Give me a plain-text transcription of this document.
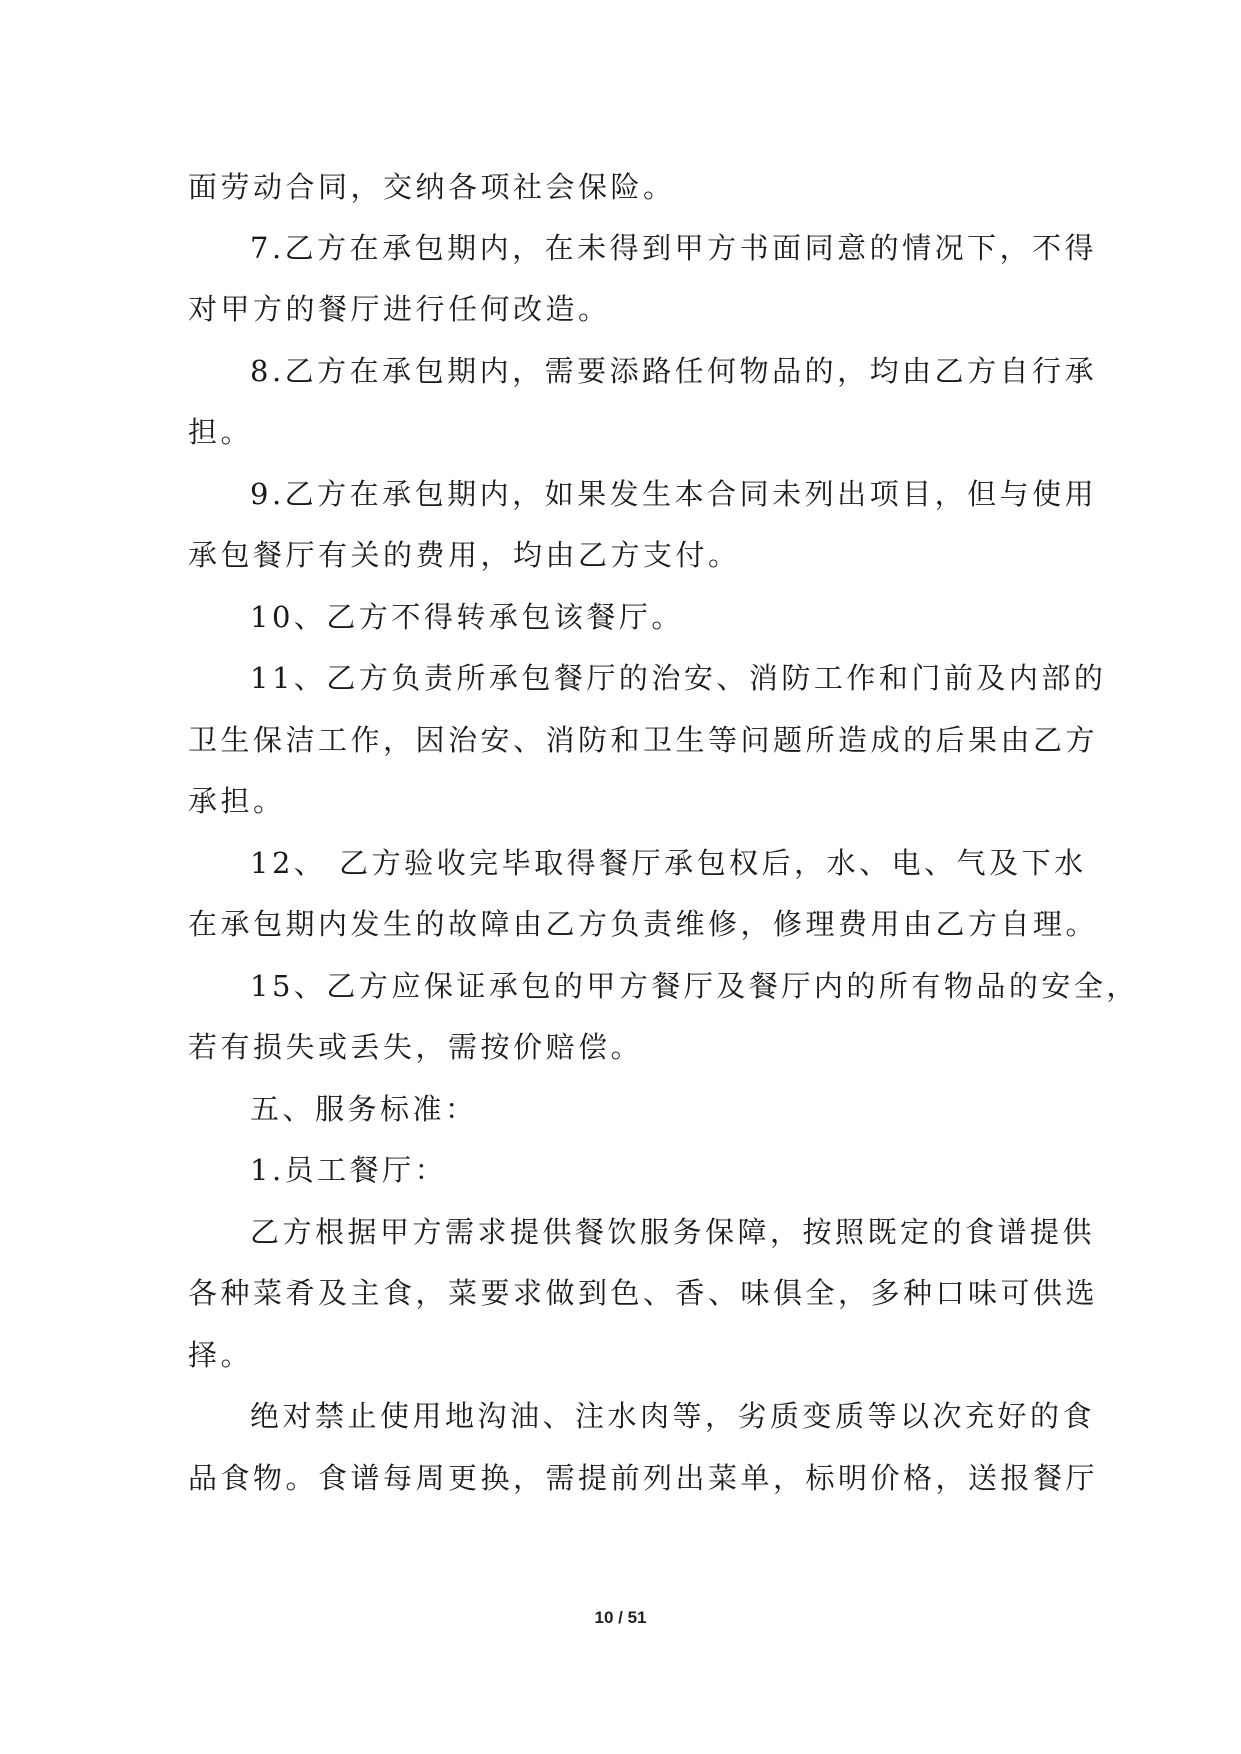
面劳动合同，交纳各项社会保险。
7.乙方在承包期内，在未得到甲方书面同意的情况下，不得
对甲方的餐厅进行任何改造。
8.乙方在承包期内，需要添路任何物品的，均由乙方自行承
担。
9.乙方在承包期内，如果发生本合同未列出项目，但与使用
承包餐厅有关的费用，均由乙方支付。
10、乙方不得转承包该餐厅。
11、乙方负责所承包餐厅的治安、消防工作和门前及内部的
卫生保洁工作，因治安、消防和卫生等问题所造成的后果由乙方
承担。
12、 乙方验收完毕取得餐厅承包权后，水、电、气及下水
在承包期内发生的故障由乙方负责维修，修理费用由乙方自理。
15、乙方应保证承包的甲方餐厅及餐厅内的所有物品的安全，
若有损失或丢失，需按价赔偿。
五、服务标准：
1.员工餐厅：
乙方根据甲方需求提供餐饮服务保障，按照既定的食谱提供
各种菜肴及主食，菜要求做到色、香、味俱全，多种口味可供选
择。
绝对禁止使用地沟油、注水肉等，劣质变质等以次充好的食
品食物。食谱每周更换，需提前列出菜单，标明价格，送报餐厅
10 / 51
